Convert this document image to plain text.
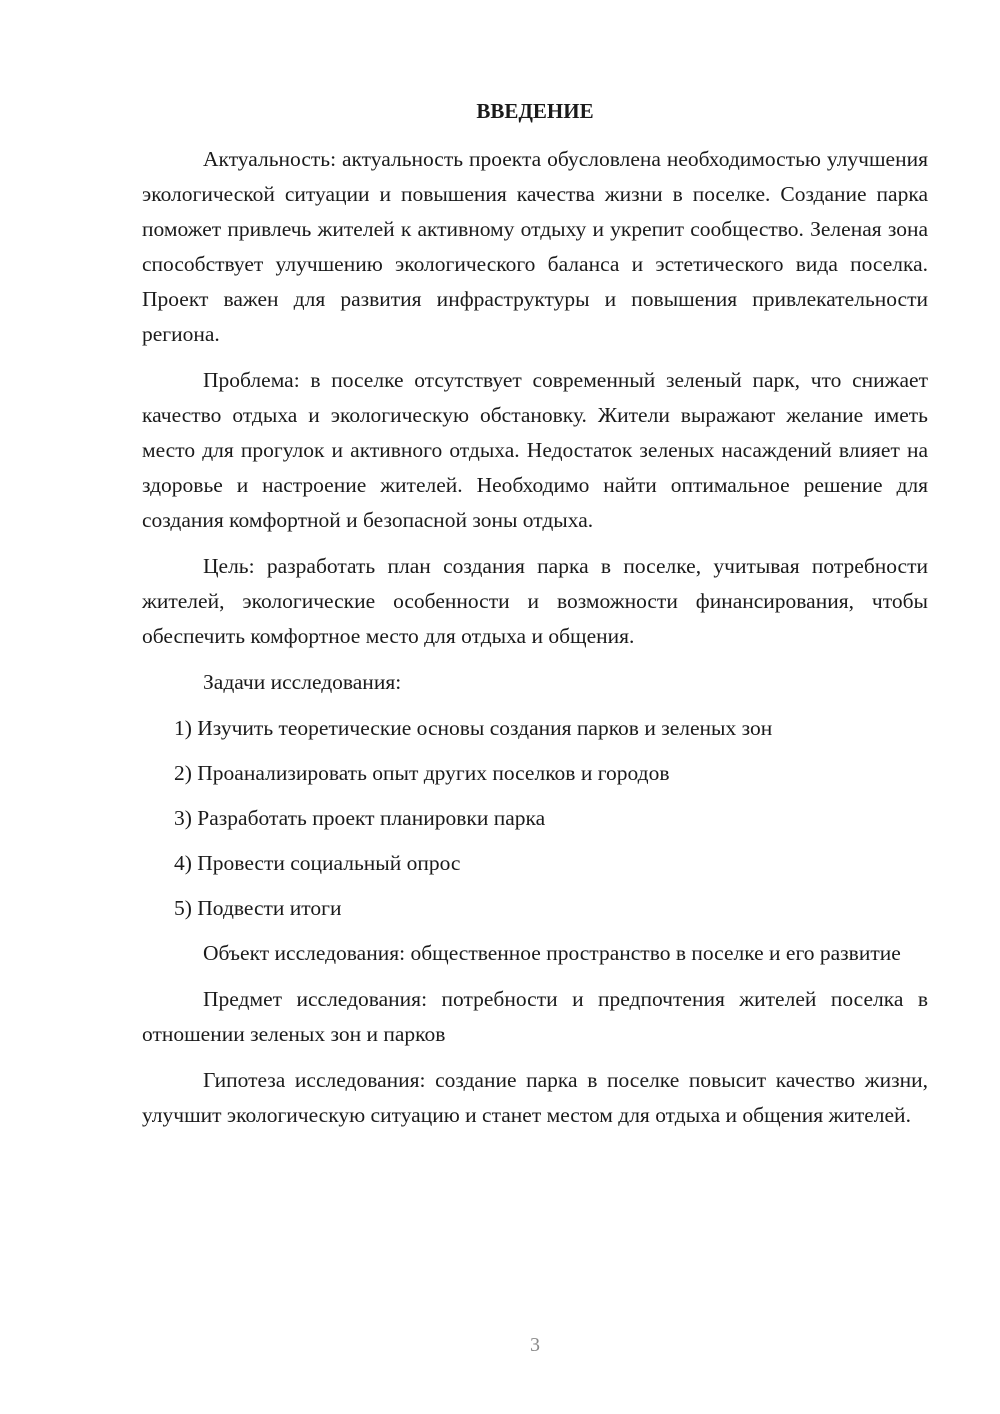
ВВЕДЕНИЕ

Актуальность: актуальность проекта обусловлена необходимостью улучшения экологической ситуации и повышения качества жизни в поселке. Создание парка поможет привлечь жителей к активному отдыху и укрепит сообщество. Зеленая зона способствует улучшению экологического баланса и эстетического вида поселка. Проект важен для развития инфраструктуры и повышения привлекательности региона.

Проблема: в поселке отсутствует современный зеленый парк, что снижает качество отдыха и экологическую обстановку. Жители выражают желание иметь место для прогулок и активного отдыха. Недостаток зеленых насаждений влияет на здоровье и настроение жителей. Необходимо найти оптимальное решение для создания комфортной и безопасной зоны отдыха.

Цель: разработать план создания парка в поселке, учитывая потребности жителей, экологические особенности и возможности финансирования, чтобы обеспечить комфортное место для отдыха и общения.

Задачи исследования:

1) Изучить теоретические основы создания парков и зеленых зон

2) Проанализировать опыт других поселков и городов

3) Разработать проект планировки парка

4) Провести социальный опрос

5) Подвести итоги

Объект исследования: общественное пространство в поселке и его развитие

Предмет исследования: потребности и предпочтения жителей поселка в отношении зеленых зон и парков

Гипотеза исследования: создание парка в поселке повысит качество жизни, улучшит экологическую ситуацию и станет местом для отдыха и общения жителей.

3
